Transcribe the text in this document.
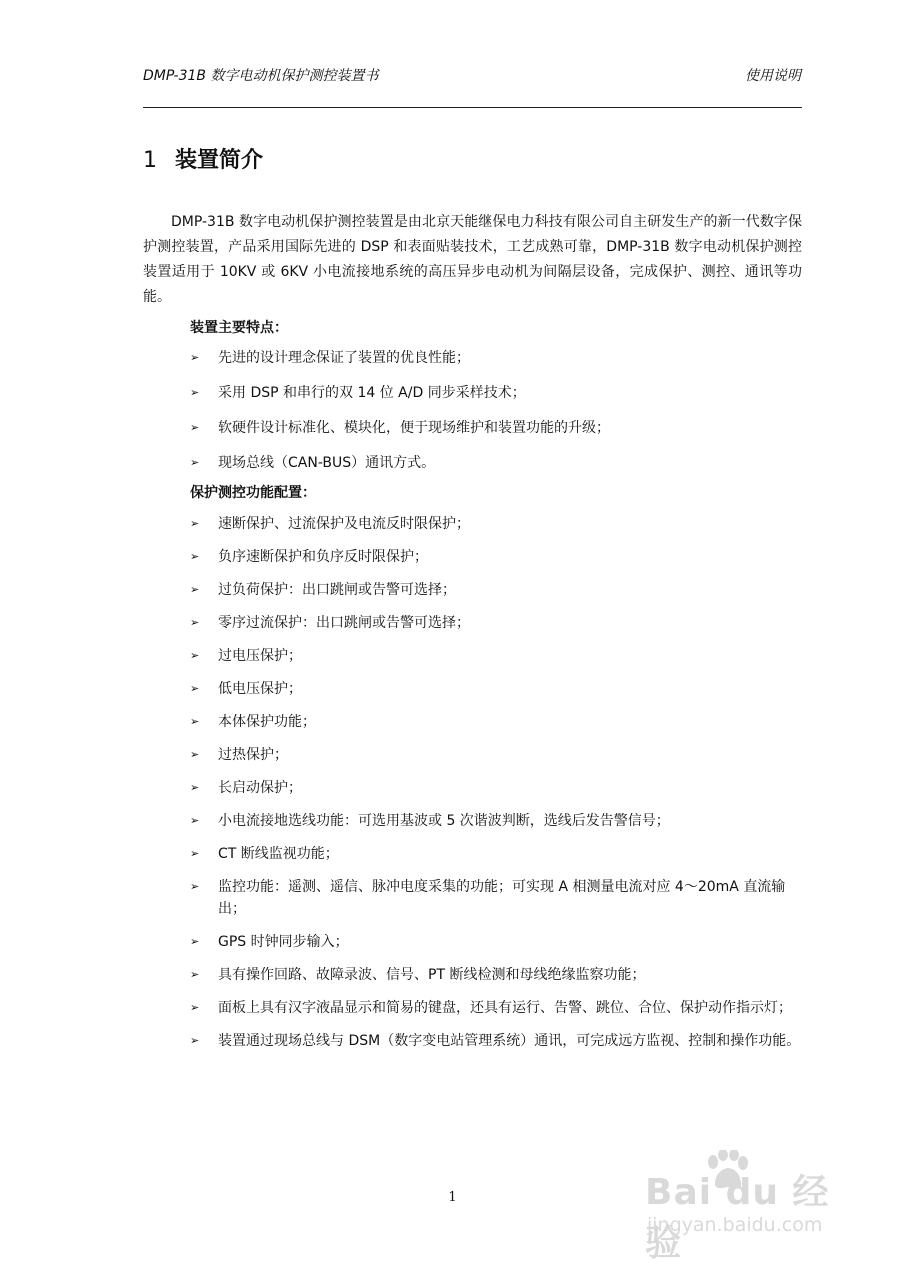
DMP-31B 数字电动机保护测控装置书	使用说明
1 装置简介

DMP-31B 数字电动机保护测控装置是由北京天能继保电力科技有限公司自主研发生产的新一代数字保护测控装置，产品采用国际先进的 DSP 和表面贴装技术，工艺成熟可靠，DMP-31B 数字电动机保护测控装置适用于 10KV 或 6KV 小电流接地系统的高压异步电动机为间隔层设备，完成保护、测控、通讯等功能。

装置主要特点：
➢ 先进的设计理念保证了装置的优良性能；
➢ 采用 DSP 和串行的双 14 位 A/D 同步采样技术；
➢ 软硬件设计标准化、模块化，便于现场维护和装置功能的升级；
➢ 现场总线（CAN-BUS）通讯方式。
保护测控功能配置：
➢ 速断保护、过流保护及电流反时限保护；
➢ 负序速断保护和负序反时限保护；
➢ 过负荷保护：出口跳闸或告警可选择；
➢ 零序过流保护：出口跳闸或告警可选择；
➢ 过电压保护；
➢ 低电压保护；
➢ 本体保护功能；
➢ 过热保护；
➢ 长启动保护；
➢ 小电流接地选线功能：可选用基波或 5 次谐波判断，选线后发告警信号；
➢ CT 断线监视功能；
➢ 监控功能：遥测、遥信、脉冲电度采集的功能；可实现 A 相测量电流对应 4～20mA 直流输出；
➢ GPS 时钟同步输入；
➢ 具有操作回路、故障录波、信号、PT 断线检测和母线绝缘监察功能；
➢ 面板上具有汉字液晶显示和简易的键盘，还具有运行、告警、跳位、合位、保护动作指示灯；
➢ 装置通过现场总线与 DSM（数字变电站管理系统）通讯，可完成远方监视、控制和操作功能。
1	Bai du 经验
jingyan.baidu.com
